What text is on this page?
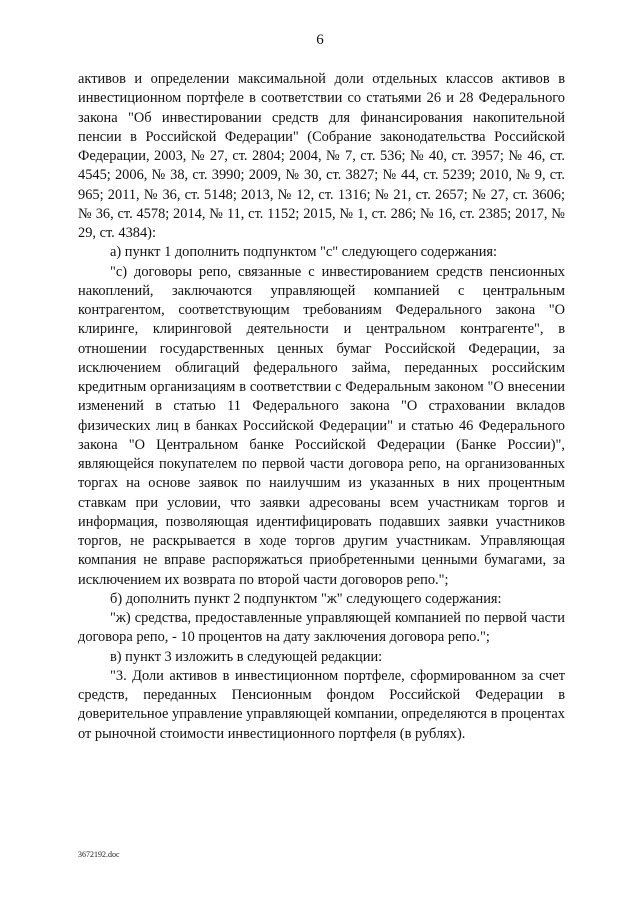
6

активов и определении максимальной доли отдельных классов активов в инвестиционном портфеле в соответствии со статьями 26 и 28 Федерального закона "Об инвестировании средств для финансирования накопительной пенсии в Российской Федерации" (Собрание законодательства Российской Федерации, 2003, № 27, ст. 2804; 2004, № 7, ст. 536; № 40, ст. 3957; № 46, ст. 4545; 2006, № 38, ст. 3990; 2009, № 30, ст. 3827; № 44, ст. 5239; 2010, № 9, ст. 965; 2011, № 36, ст. 5148; 2013, № 12, ст. 1316; № 21, ст. 2657; № 27, ст. 3606; № 36, ст. 4578; 2014, № 11, ст. 1152; 2015, № 1, ст. 286; № 16, ст. 2385; 2017, № 29, ст. 4384):

а) пункт 1 дополнить подпунктом "с" следующего содержания:

"с) договоры репо, связанные с инвестированием средств пенсионных накоплений, заключаются управляющей компанией с центральным контрагентом, соответствующим требованиям Федерального закона "О клиринге, клиринговой деятельности и центральном контрагенте", в отношении государственных ценных бумаг Российской Федерации, за исключением облигаций федерального займа, переданных российским кредитным организациям в соответствии с Федеральным законом "О внесении изменений в статью 11 Федерального закона "О страховании вкладов физических лиц в банках Российской Федерации" и статью 46 Федерального закона "О Центральном банке Российской Федерации (Банке России)", являющейся покупателем по первой части договора репо, на организованных торгах на основе заявок по наилучшим из указанных в них процентным ставкам при условии, что заявки адресованы всем участникам торгов и информация, позволяющая идентифицировать подавших заявки участников торгов, не раскрывается в ходе торгов другим участникам. Управляющая компания не вправе распоряжаться приобретенными ценными бумагами, за исключением их возврата по второй части договоров репо.";

б) дополнить пункт 2 подпунктом "ж" следующего содержания:

"ж) средства, предоставленные управляющей компанией по первой части договора репо, - 10 процентов на дату заключения договора репо.";

в) пункт 3 изложить в следующей редакции:

"3. Доли активов в инвестиционном портфеле, сформированном за счет средств, переданных Пенсионным фондом Российской Федерации в доверительное управление управляющей компании, определяются в процентах от рыночной стоимости инвестиционного портфеля (в рублях).

3672192.doc
